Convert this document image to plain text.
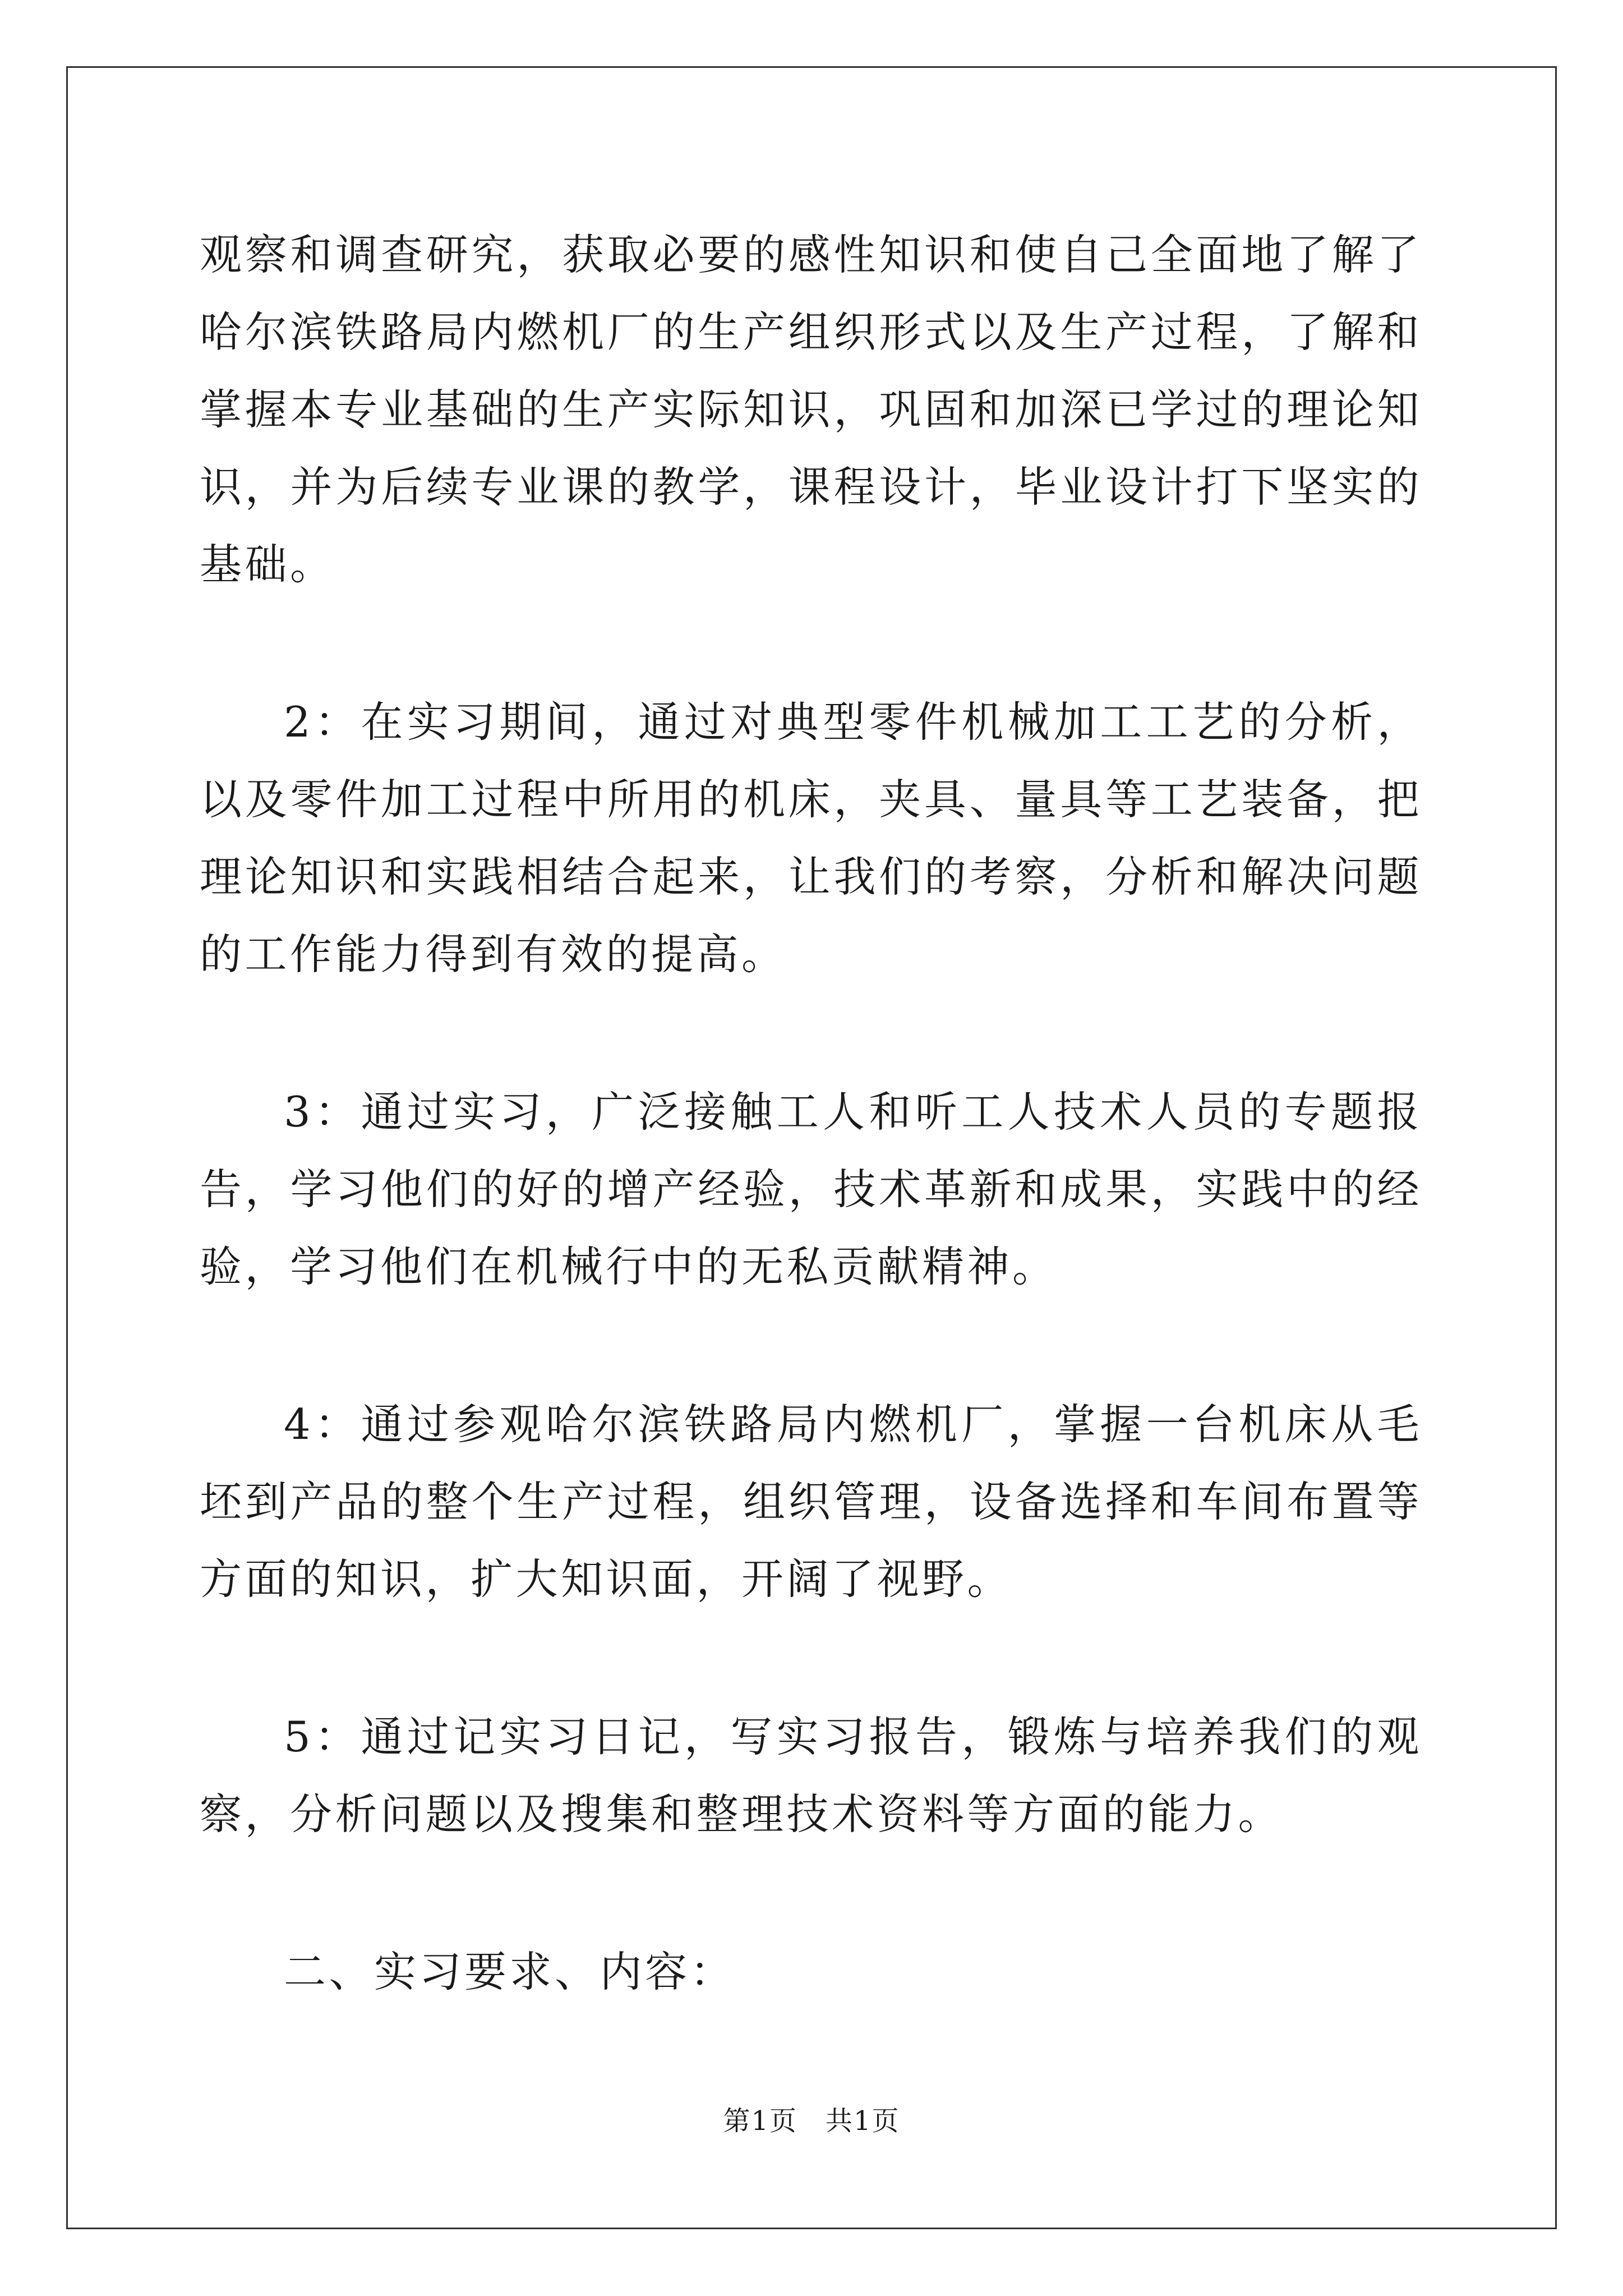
观察和调查研究，获取必要的感性知识和使自己全面地了解了哈尔滨铁路局内燃机厂的生产组织形式以及生产过程，了解和掌握本专业基础的生产实际知识，巩固和加深已学过的理论知识，并为后续专业课的教学，课程设计，毕业设计打下坚实的基础。

2：在实习期间，通过对典型零件机械加工工艺的分析，以及零件加工过程中所用的机床，夹具、量具等工艺装备，把理论知识和实践相结合起来，让我们的考察，分析和解决问题的工作能力得到有效的提高。

3：通过实习，广泛接触工人和听工人技术人员的专题报告，学习他们的好的增产经验，技术革新和成果，实践中的经验，学习他们在机械行中的无私贡献精神。

4：通过参观哈尔滨铁路局内燃机厂，掌握一台机床从毛坯到产品的整个生产过程，组织管理，设备选择和车间布置等方面的知识，扩大知识面，开阔了视野。

5：通过记实习日记，写实习报告，锻炼与培养我们的观察，分析问题以及搜集和整理技术资料等方面的能力。

二、实习要求、内容：

第1页　共1页
